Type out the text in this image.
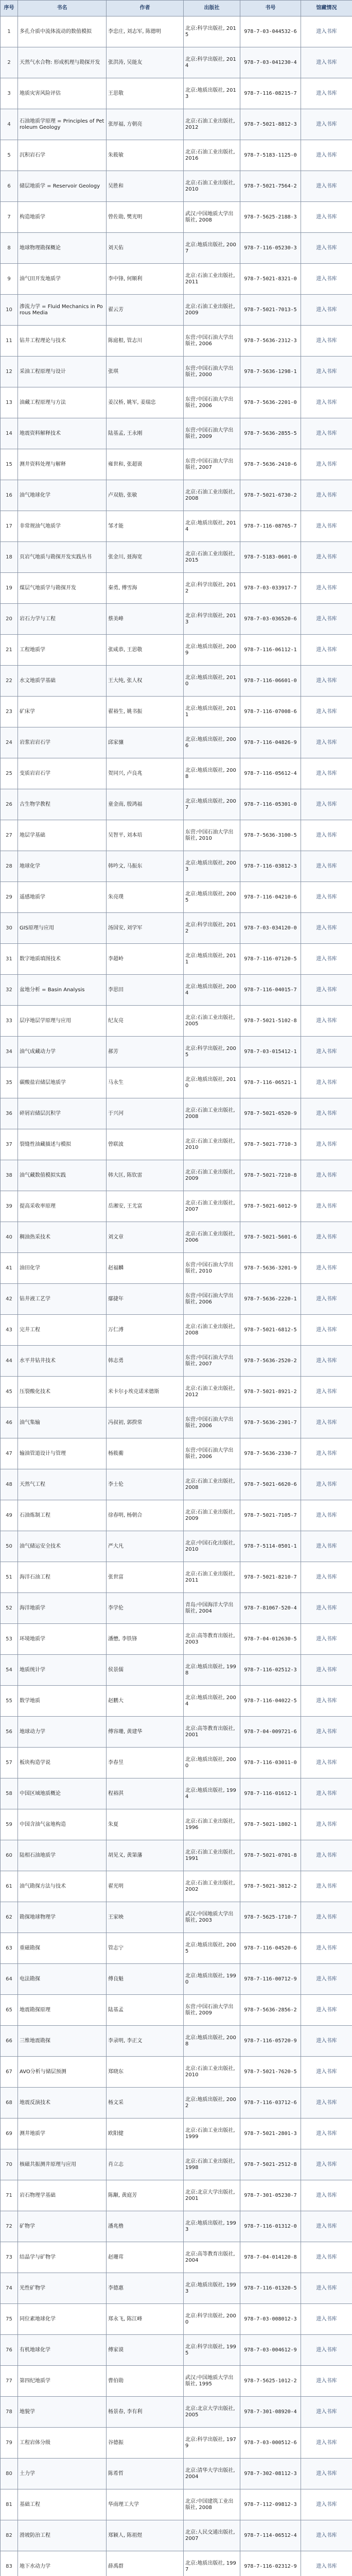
序号	书名	作者	出版社	书号	馆藏情况
1	多孔介质中流体流动的数值模拟	李忠庄, 刘志军, 陈德明	北京:科学出版社, 2015	978-7-03-044532-6	进入书库
2	天然气水合物: 形成机理与勘探开发	张洪涛, 吴能友	北京:科学出版社, 2014	978-7-03-041230-4	进入书库
3	地质灾害风险评估	王思敬	北京:地质出版社, 2013	978-7-116-08215-7	进入书库
4	石油地质学原理 = Principles of Petroleum Geology	张厚福, 方朝亮	北京:石油工业出版社, 2012	978-7-5021-8812-3	进入书库
5	沉积岩石学	朱筱敏	北京:石油工业出版社, 2016	978-7-5183-1125-0	进入书库
6	储层地质学 = Reservoir Geology	吴胜和	北京:石油工业出版社, 2010	978-7-5021-7564-2	进入书库
7	构造地质学	曾佐勋, 樊光明	武汉:中国地质大学出版社, 2008	978-7-5625-2188-3	进入书库
8	地球物理勘探概论	刘天佑	北京:地质出版社, 2007	978-7-116-05230-3	进入书库
9	油气田开发地质学	李中锋, 何顺利	北京:石油工业出版社, 2011	978-7-5021-8321-0	进入书库
10	渗流力学 = Fluid Mechanics in Porous Media	翟云芳	北京:石油工业出版社, 2009	978-7-5021-7013-5	进入书库
11	钻井工程理论与技术	陈庭根, 管志川	东营:中国石油大学出版社, 2006	978-7-5636-2312-3	进入书库
12	采油工程原理与设计	张琪	东营:中国石油大学出版社, 2000	978-7-5636-1298-1	进入书库
13	油藏工程原理与方法	姜汉桥, 姚军, 姜瑞忠	东营:中国石油大学出版社, 2006	978-7-5636-2201-0	进入书库
14	地震资料解释技术	陆基孟, 王永刚	东营:中国石油大学出版社, 2009	978-7-5636-2855-5	进入书库
15	测井资料处理与解释	雍世和, 张超谟	东营:中国石油大学出版社, 2007	978-7-5636-2410-6	进入书库
16	油气地球化学	卢双舫, 张敏	北京:石油工业出版社, 2008	978-7-5021-6730-2	进入书库
17	非常规油气地质学	邹才能	北京:地质出版社, 2014	978-7-116-08765-7	进入书库
18	页岩气地质与勘探开发实践丛书	张金川, 聂海宽	北京:石油工业出版社, 2015	978-7-5183-0601-0	进入书库
19	煤层气地质学与勘探开发	秦勇, 傅雪海	北京:科学出版社, 2012	978-7-03-033917-7	进入书库
20	岩石力学与工程	蔡美峰	北京:科学出版社, 2013	978-7-03-036520-6	进入书库
21	工程地质学	张咸恭, 王思敬	北京:地质出版社, 2009	978-7-116-06112-1	进入书库
22	水文地质学基础	王大纯, 张人权	北京:地质出版社, 2010	978-7-116-06601-0	进入书库
23	矿床学	翟裕生, 姚书振	北京:地质出版社, 2011	978-7-116-07008-6	进入书库
24	岩浆岩岩石学	邱家骧	北京:地质出版社, 2006	978-7-116-04826-9	进入书库
25	变质岩岩石学	贺同兴, 卢良兆	北京:地质出版社, 2008	978-7-116-05612-4	进入书库
26	古生物学教程	童金南, 殷鸿福	北京:地质出版社, 2007	978-7-116-05301-0	进入书库
27	地层学基础	吴智平, 刘本培	东营:中国石油大学出版社, 2010	978-7-5636-3100-5	进入书库
28	地球化学	韩吟文, 马振东	北京:地质出版社, 2003	978-7-116-03812-3	进入书库
29	遥感地质学	朱亮璞	北京:地质出版社, 2005	978-7-116-04210-6	进入书库
30	GIS原理与应用	汤国安, 刘学军	北京:科学出版社, 2012	978-7-03-034120-0	进入书库
31	数字地质填图技术	李超岭	北京:地质出版社, 2011	978-7-116-07120-5	进入书库
32	盆地分析 = Basin Analysis	李思田	北京:地质出版社, 2004	978-7-116-04015-7	进入书库
33	层序地层学原理与应用	纪友亮	北京:石油工业出版社, 2005	978-7-5021-5102-8	进入书库
34	油气成藏动力学	郝芳	北京:科学出版社, 2005	978-7-03-015412-1	进入书库
35	碳酸盐岩储层地质学	马永生	北京:地质出版社, 2010	978-7-116-06521-1	进入书库
36	碎屑岩储层沉积学	于兴河	北京:石油工业出版社, 2008	978-7-5021-6520-9	进入书库
37	裂缝性油藏描述与模拟	曾联波	北京:石油工业出版社, 2010	978-7-5021-7710-3	进入书库
38	油气藏数值模拟实践	韩大匡, 陈钦雷	北京:石油工业出版社, 2009	978-7-5021-7210-8	进入书库
39	提高采收率原理	岳湘安, 王尤富	北京:石油工业出版社, 2007	978-7-5021-6012-9	进入书库
40	稠油热采技术	刘文章	北京:石油工业出版社, 2006	978-7-5021-5601-6	进入书库
41	油田化学	赵福麟	东营:中国石油大学出版社, 2010	978-7-5636-3201-9	进入书库
42	钻井液工艺学	鄢捷年	东营:中国石油大学出版社, 2006	978-7-5636-2220-1	进入书库
43	完井工程	万仁溥	北京:石油工业出版社, 2008	978-7-5021-6812-5	进入书库
44	水平井钻井技术	韩志勇	东营:中国石油大学出版社, 2007	978-7-5636-2520-2	进入书库
45	压裂酸化技术	米卡尔·J·埃克诺米德斯	北京:石油工业出版社, 2012	978-7-5021-8921-2	进入书库
46	油气集输	冯叔初, 郭揆常	东营:中国石油大学出版社, 2006	978-7-5636-2301-7	进入书库
47	输油管道设计与管理	杨筱蘅	东营:中国石油大学出版社, 2006	978-7-5636-2330-7	进入书库
48	天然气工程	李士伦	北京:石油工业出版社, 2008	978-7-5021-6620-6	进入书库
49	石油炼制工程	徐春明, 杨朝合	北京:石油工业出版社, 2009	978-7-5021-7105-7	进入书库
50	油气储运安全技术	严大凡	北京:中国石化出版社, 2010	978-7-5114-0501-1	进入书库
51	海洋石油工程	张世富	北京:石油工业出版社, 2011	978-7-5021-8210-7	进入书库
52	海洋地质学	李学伦	青岛:中国海洋大学出版社, 2004	978-7-81067-520-4	进入书库
53	环境地质学	潘懋, 李铁锋	北京:高等教育出版社, 2003	978-7-04-012630-5	进入书库
54	地质统计学	侯景儒	北京:地质出版社, 1998	978-7-116-02512-3	进入书库
55	数学地质	赵鹏大	北京:地质出版社, 2004	978-7-116-04022-5	进入书库
56	地球动力学	傅容珊, 黄建华	北京:高等教育出版社, 2001	978-7-04-009721-6	进入书库
57	板块构造学说	李春昱	北京:地质出版社, 2000	978-7-116-03011-0	进入书库
58	中国区域地质概论	程裕淇	北京:地质出版社, 1994	978-7-116-01612-1	进入书库
59	中国含油气盆地构造	朱夏	北京:石油工业出版社, 1996	978-7-5021-1802-1	进入书库
60	陆相石油地质学	胡见义, 黄第藩	北京:石油工业出版社, 1991	978-7-5021-0701-8	进入书库
61	油气勘探方法与技术	翟光明	北京:石油工业出版社, 2002	978-7-5021-3812-2	进入书库
62	勘探地球物理学	王家映	武汉:中国地质大学出版社, 2003	978-7-5625-1710-7	进入书库
63	重磁勘探	管志宁	北京:地质出版社, 2005	978-7-116-04520-6	进入书库
64	电法勘探	傅良魁	北京:地质出版社, 1990	978-7-116-00712-9	进入书库
65	地震勘探原理	陆基孟	东营:中国石油大学出版社, 2009	978-7-5636-2856-2	进入书库
66	三维地震勘探	李录明, 李正文	北京:地质出版社, 2008	978-7-116-05720-9	进入书库
67	AVO分析与储层预测	郑晓东	北京:石油工业出版社, 2010	978-7-5021-7620-5	进入书库
68	地震反演技术	杨文采	北京:地质出版社, 2002	978-7-116-03712-6	进入书库
69	测井地质学	欧阳健	北京:石油工业出版社, 1999	978-7-5021-2801-3	进入书库
70	核磁共振测井原理与应用	肖立志	北京:石油工业出版社, 1998	978-7-5021-2512-8	进入书库
71	岩石物理学基础	陈颙, 黄庭芳	北京:北京大学出版社, 2001	978-7-301-05230-7	进入书库
72	矿物学	潘兆橹	北京:地质出版社, 1993	978-7-116-01312-0	进入书库
73	结晶学与矿物学	赵珊茸	北京:高等教育出版社, 2004	978-7-04-014120-8	进入书库
74	光性矿物学	李德惠	北京:地质出版社, 1993	978-7-116-01320-5	进入书库
75	同位素地球化学	郑永飞, 陈江峰	北京:科学出版社, 2000	978-7-03-008012-3	进入书库
76	有机地球化学	傅家谟	北京:科学出版社, 1995	978-7-03-004612-9	进入书库
77	第四纪地质学	曹伯勋	武汉:中国地质大学出版社, 1995	978-7-5625-1012-2	进入书库
78	地貌学	杨景春, 李有利	北京:北京大学出版社, 2005	978-7-301-08920-4	进入书库
79	工程岩体分级	谷德振	北京:科学出版社, 1979	978-7-03-000512-6	进入书库
80	土力学	陈希哲	北京:清华大学出版社, 2004	978-7-302-08112-3	进入书库
81	基础工程	华南理工大学	北京:中国建筑工业出版社, 2008	978-7-112-09812-3	进入书库
82	滑坡防治工程	郑颖人, 陈祖煜	北京:人民交通出版社, 2007	978-7-114-06512-4	进入书库
83	地下水动力学	薛禹群	北京:地质出版社, 1997	978-7-116-02312-9	进入书库
